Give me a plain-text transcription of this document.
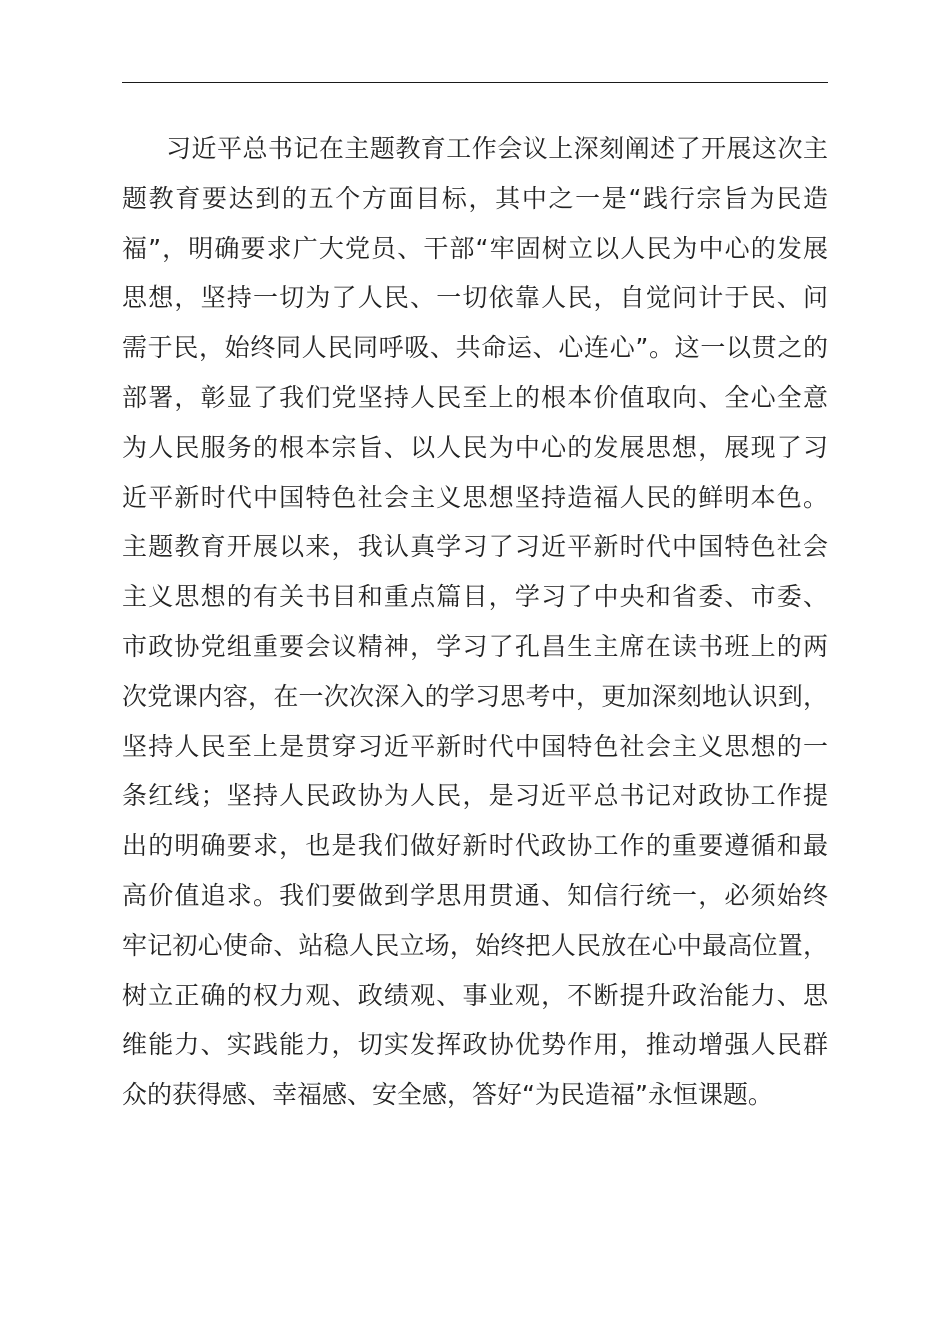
习近平总书记在主题教育工作会议上深刻阐述了开展这次主
题教育要达到的五个方面目标，其中之一是“践行宗旨为民造
福”，明确要求广大党员、干部“牢固树立以人民为中心的发展
思想，坚持一切为了人民、一切依靠人民，自觉问计于民、问
需于民，始终同人民同呼吸、共命运、心连心”。这一以贯之的
部署，彰显了我们党坚持人民至上的根本价值取向、全心全意
为人民服务的根本宗旨、以人民为中心的发展思想，展现了习
近平新时代中国特色社会主义思想坚持造福人民的鲜明本色。
主题教育开展以来，我认真学习了习近平新时代中国特色社会
主义思想的有关书目和重点篇目，学习了中央和省委、市委、
市政协党组重要会议精神，学习了孔昌生主席在读书班上的两
次党课内容，在一次次深入的学习思考中，更加深刻地认识到，
坚持人民至上是贯穿习近平新时代中国特色社会主义思想的一
条红线；坚持人民政协为人民，是习近平总书记对政协工作提
出的明确要求，也是我们做好新时代政协工作的重要遵循和最
高价值追求。我们要做到学思用贯通、知信行统一，必须始终
牢记初心使命、站稳人民立场，始终把人民放在心中最高位置，
树立正确的权力观、政绩观、事业观，不断提升政治能力、思
维能力、实践能力，切实发挥政协优势作用，推动增强人民群
众的获得感、幸福感、安全感，答好“为民造福”永恒课题。
